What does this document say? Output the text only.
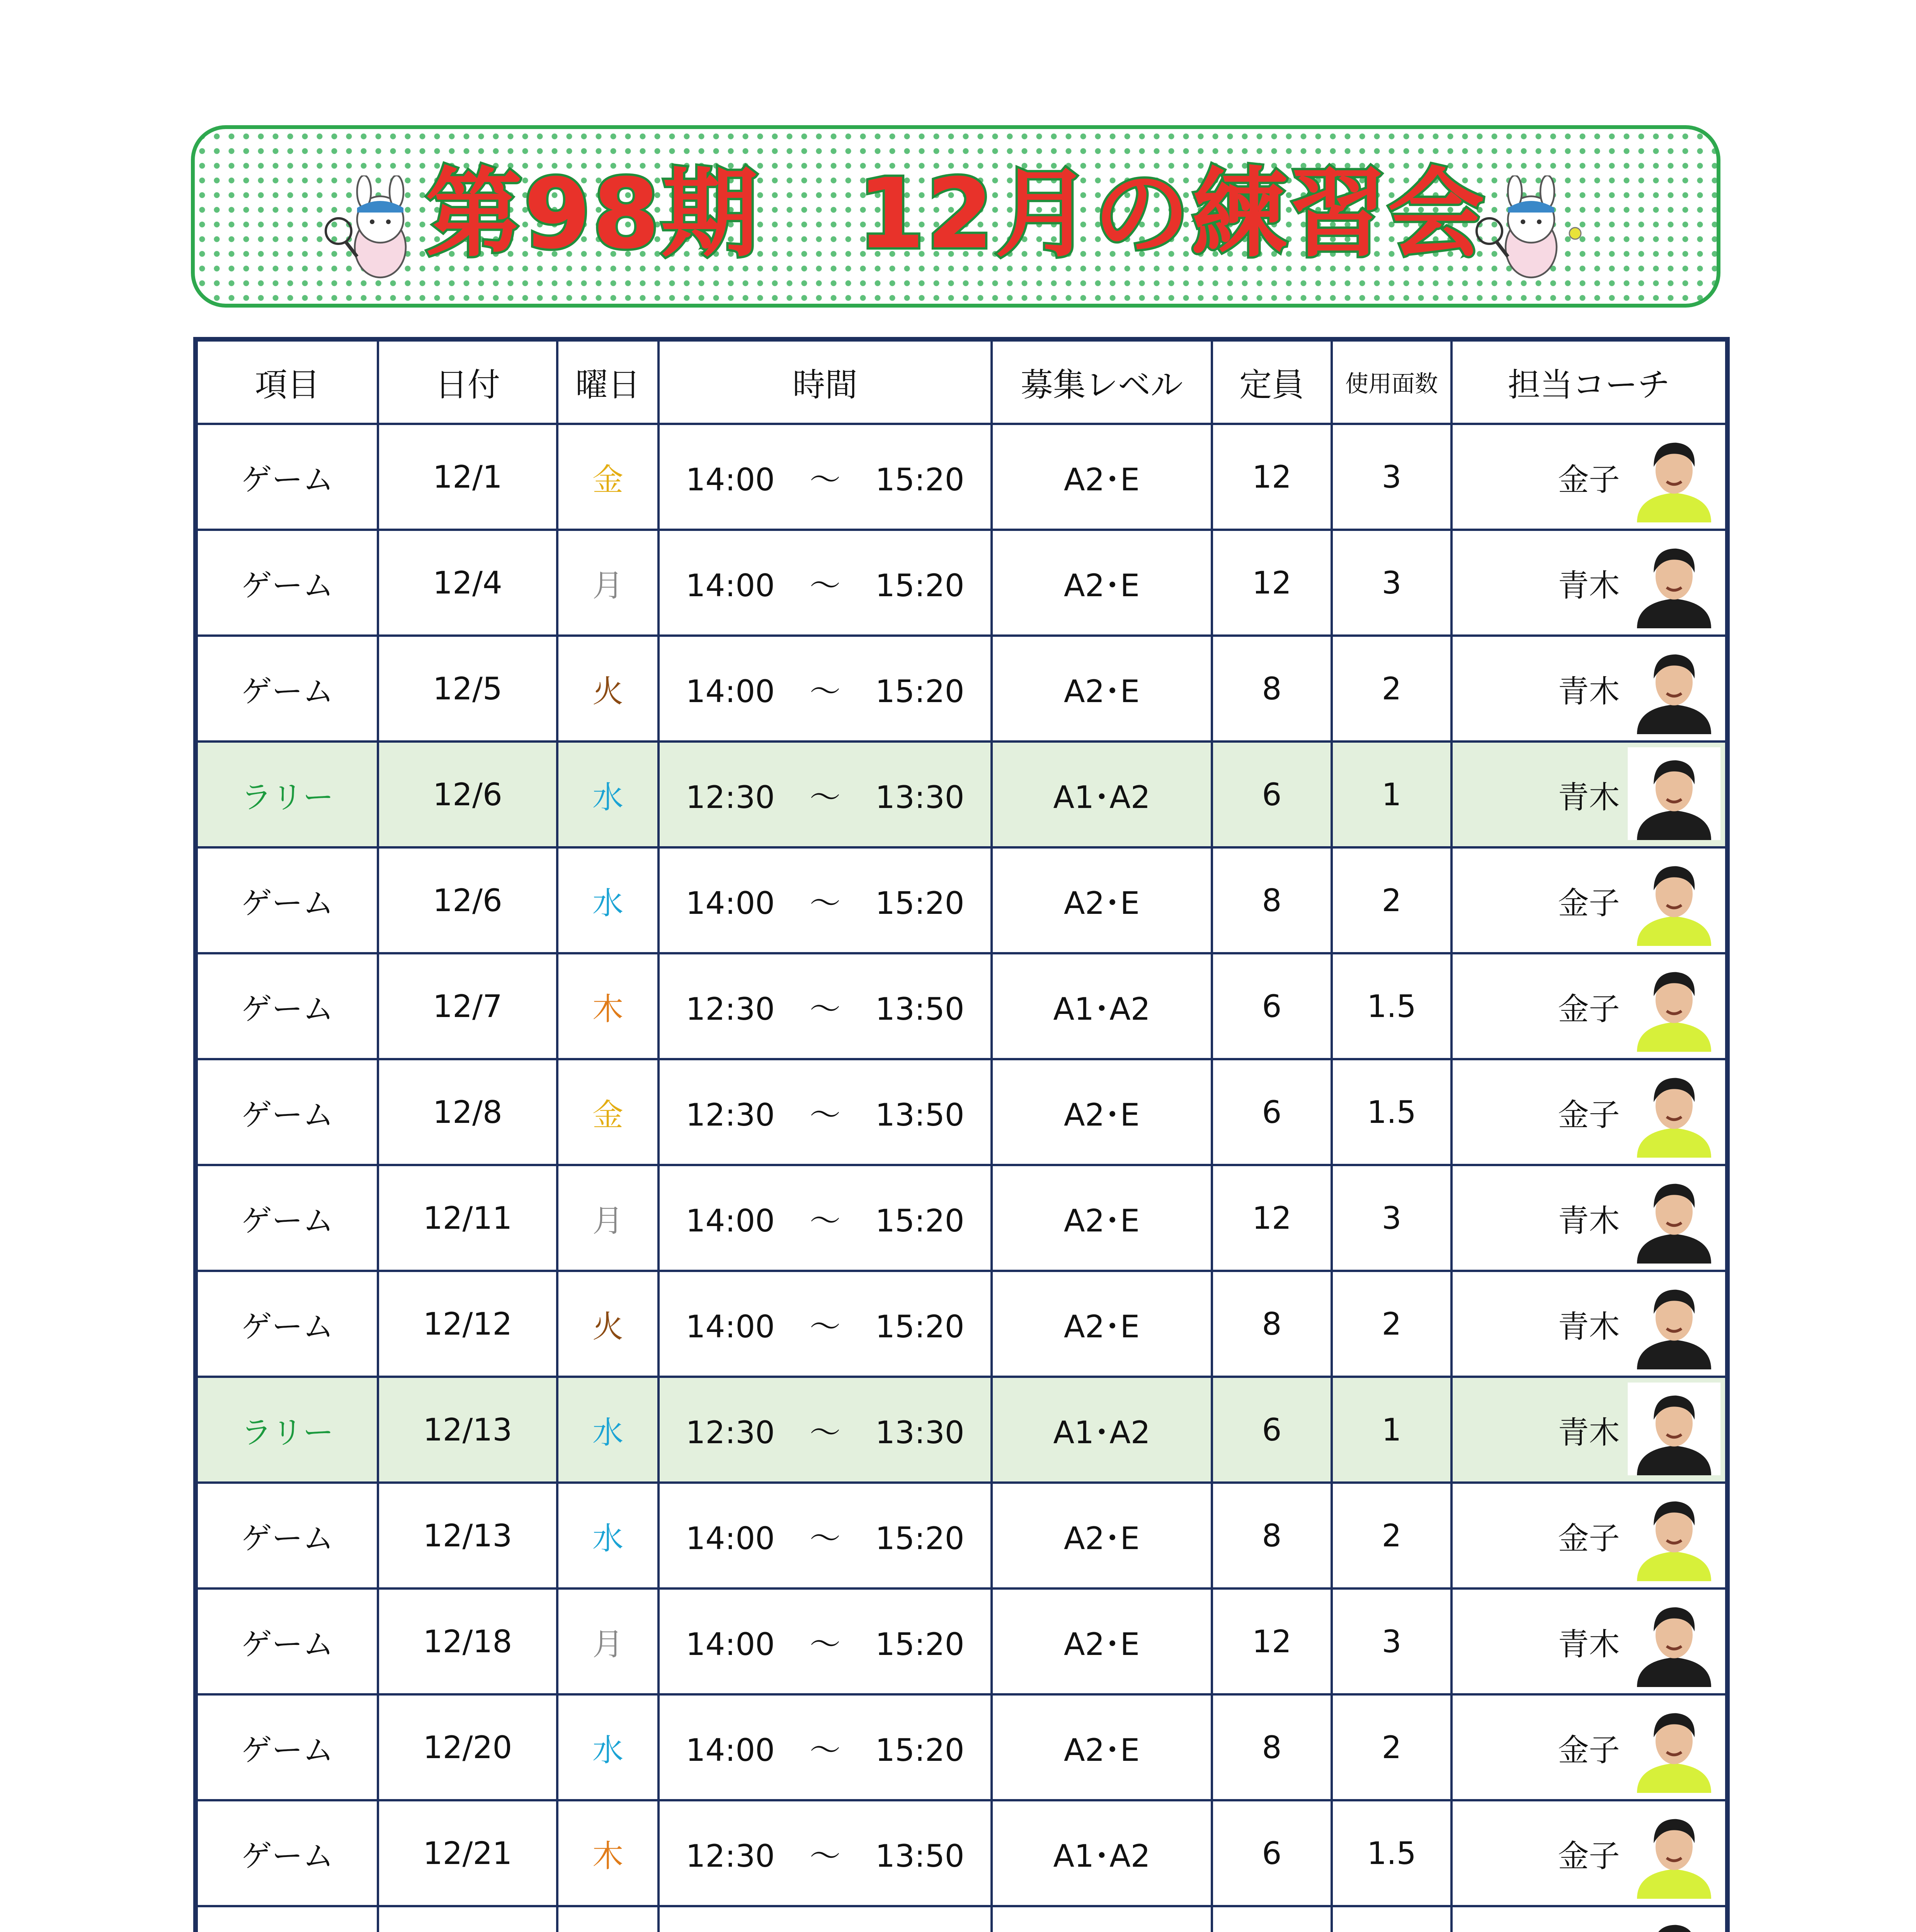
第98期　12月の練習会
項目	日付	曜日	時間	募集レベル	定員	使用面数	担当コーチ
ゲーム	12/1	金	14:00 ～ 15:20	A2･E	12	3	金子

ゲーム	12/4	月	14:00 ～ 15:20	A2･E	12	3	青木

ゲーム	12/5	火	14:00 ～ 15:20	A2･E	8	2	青木

ラリー	12/6	水	12:30 ～ 13:30	A1･A2	6	1	青木

ゲーム	12/6	水	14:00 ～ 15:20	A2･E	8	2	金子

ゲーム	12/7	木	12:30 ～ 13:50	A1･A2	6	1.5	金子

ゲーム	12/8	金	12:30 ～ 13:50	A2･E	6	1.5	金子

ゲーム	12/11	月	14:00 ～ 15:20	A2･E	12	3	青木

ゲーム	12/12	火	14:00 ～ 15:20	A2･E	8	2	青木

ラリー	12/13	水	12:30 ～ 13:30	A1･A2	6	1	青木

ゲーム	12/13	水	14:00 ～ 15:20	A2･E	8	2	金子

ゲーム	12/18	月	14:00 ～ 15:20	A2･E	12	3	青木

ゲーム	12/20	水	14:00 ～ 15:20	A2･E	8	2	金子

ゲーム	12/21	木	12:30 ～ 13:50	A1･A2	6	1.5	金子
